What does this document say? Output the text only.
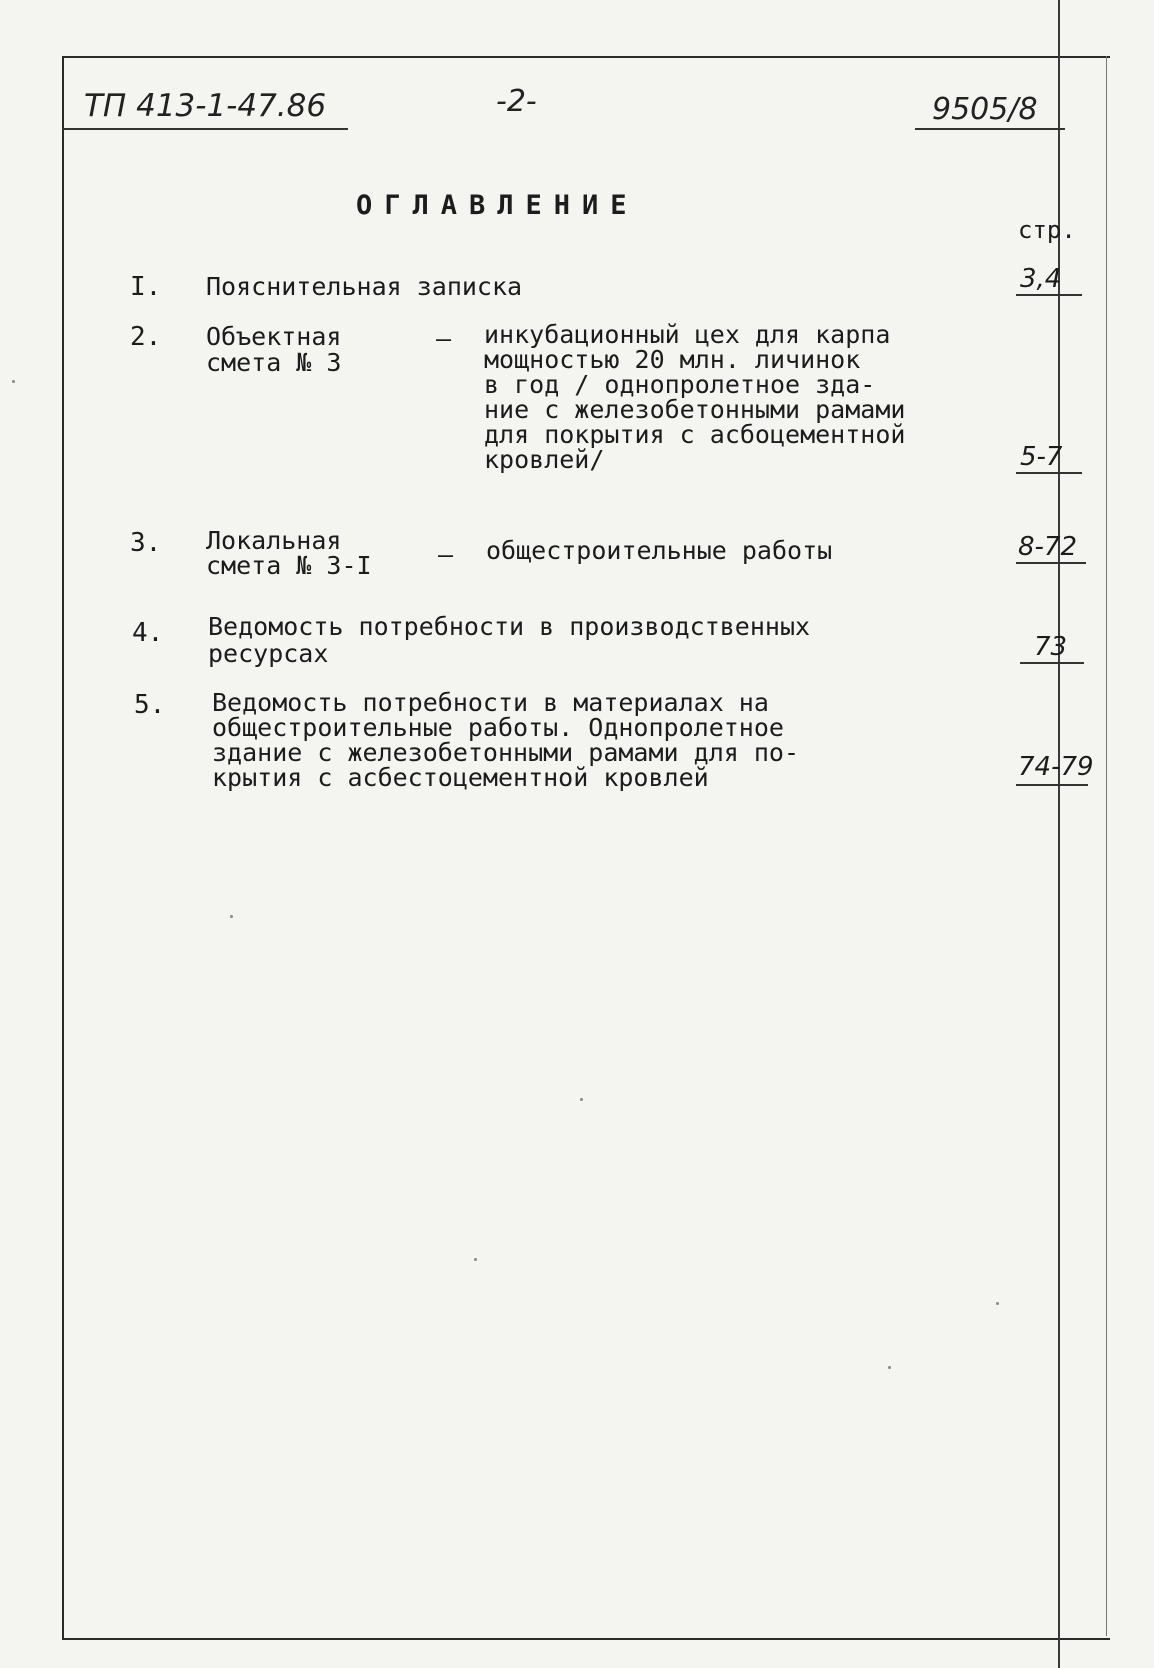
ТП 413-1-47.86	-2-	9505/8
ОГЛАВЛЕНИЕ
стр.
I. Пояснительная записка	3,4
2. Объектная
смета № 3
– инкубационный цех для карпа
мощностью 20 млн. личинок
в год / однопролетное зда-
ние с железобетонными рамами
для покрытия с асбоцементной
кровлей/	5-7
3. Локальная
смета № 3-I	– общестроительные работы	8-72
4. Ведомость потребности в производственных
ресурсах	73
5. Ведомость потребности в материалах на
общестроительные работы. Однопролетное
здание с железобетонными рамами для по-
крытия с асбестоцементной кровлей	74-79
